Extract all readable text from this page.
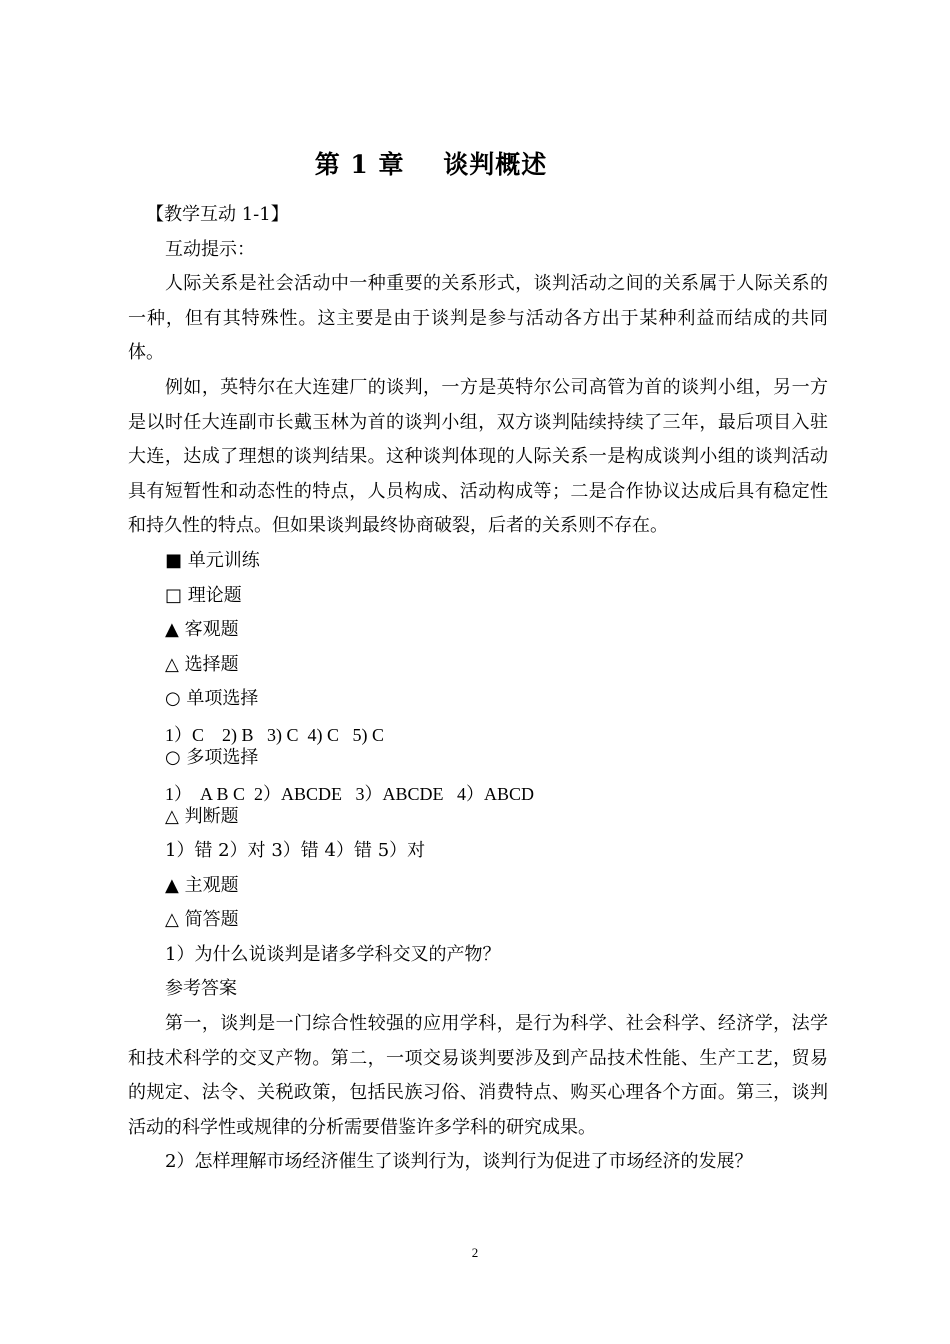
第 1 章    谈判概述

【教学互动 1-1】

互动提示：

人际关系是社会活动中一种重要的关系形式，谈判活动之间的关系属于人际关系的一种，但有其特殊性。这主要是由于谈判是参与活动各方出于某种利益而结成的共同体。

例如，英特尔在大连建厂的谈判，一方是英特尔公司高管为首的谈判小组，另一方是以时任大连副市长戴玉林为首的谈判小组，双方谈判陆续持续了三年，最后项目入驻大连，达成了理想的谈判结果。这种谈判体现的人际关系一是构成谈判小组的谈判活动具有短暂性和动态性的特点，人员构成、活动构成等；二是合作协议达成后具有稳定性和持久性的特点。但如果谈判最终协商破裂，后者的关系则不存在。

■ 单元训练

□ 理论题

▲ 客观题

△ 选择题

○ 单项选择

1）C    2) B   3) C  4) C   5) C

○ 多项选择

1）  A B C  2）ABCDE   3）ABCDE   4）ABCD

△ 判断题

1）错 2）对 3）错 4）错 5）对

▲ 主观题

△ 简答题

1）为什么说谈判是诸多学科交叉的产物？

参考答案

第一，谈判是一门综合性较强的应用学科，是行为科学、社会科学、经济学，法学和技术科学的交叉产物。第二，一项交易谈判要涉及到产品技术性能、生产工艺，贸易的规定、法令、关税政策，包括民族习俗、消费特点、购买心理各个方面。第三，谈判活动的科学性或规律的分析需要借鉴许多学科的研究成果。

2）怎样理解市场经济催生了谈判行为，谈判行为促进了市场经济的发展？

2
